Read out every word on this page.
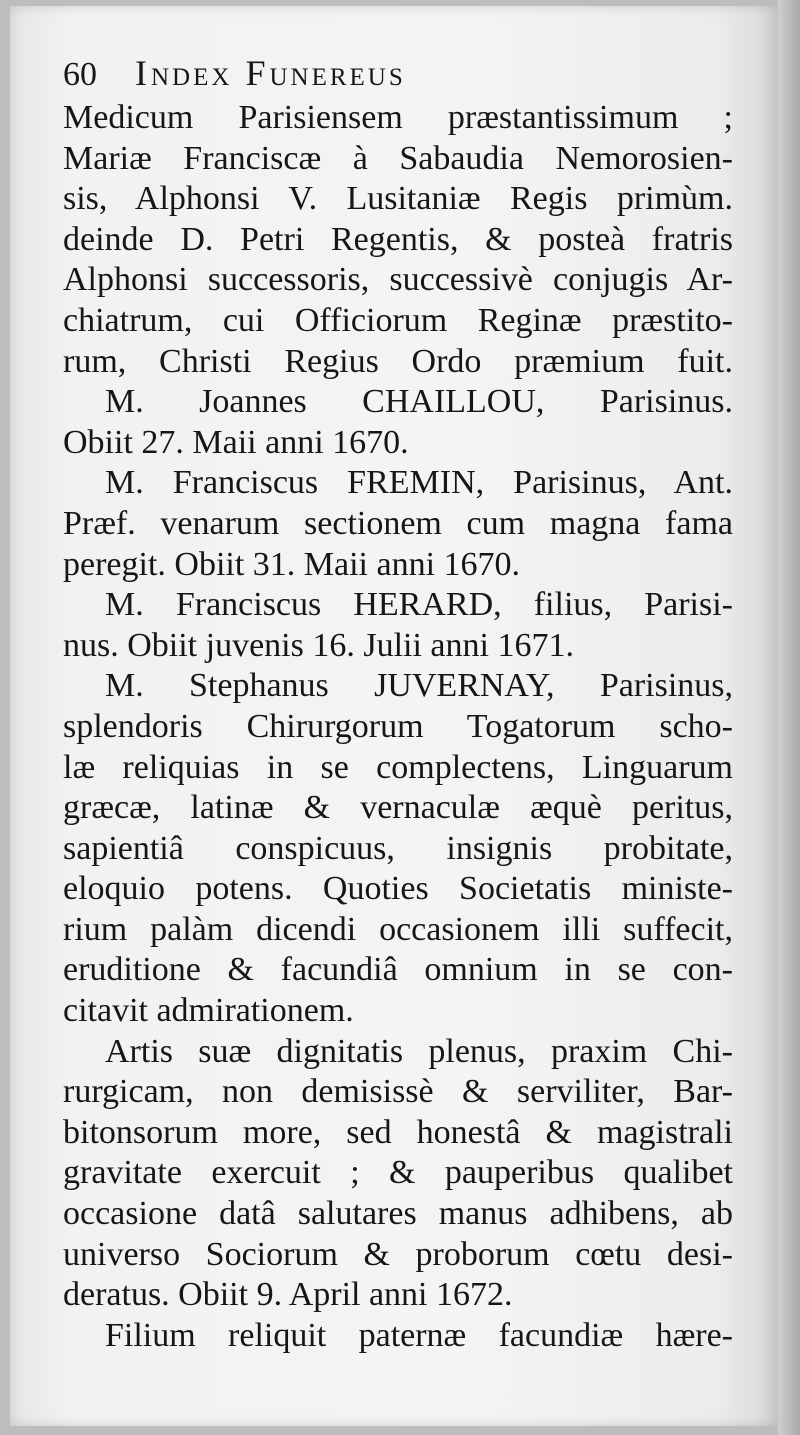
60	INDEX FUNEREUS
Medicum Parisiensem præstantissimum ;
Mariæ Franciscæ à Sabaudia Nemorosien-
sis, Alphonsi V. Lusitaniæ Regis primùm.
deinde D. Petri Regentis, & posteà fratris
Alphonsi successoris, successivè conjugis Ar-
chiatrum, cui Officiorum Reginæ præstito-
rum, Christi Regius Ordo præmium fuit.
M. Joannes CHAILLOU, Parisinus.
Obiit 27. Maii anni 1670.
M. Franciscus FREMIN, Parisinus, Ant.
Præf. venarum sectionem cum magna fama
peregit. Obiit 31. Maii anni 1670.
M. Franciscus HERARD, filius, Parisi-
nus. Obiit juvenis 16. Julii anni 1671.
M. Stephanus JUVERNAY, Parisinus,
splendoris Chirurgorum Togatorum scho-
læ reliquias in se complectens, Linguarum
græcæ, latinæ & vernaculæ æquè peritus,
sapientiâ conspicuus, insignis probitate,
eloquio potens. Quoties Societatis ministe-
rium palàm dicendi occasionem illi suffecit,
eruditione & facundiâ omnium in se con-
citavit admirationem.
Artis suæ dignitatis plenus, praxim Chi-
rurgicam, non demisissè & serviliter, Bar-
bitonsorum more, sed honestâ & magistrali
gravitate exercuit ; & pauperibus qualibet
occasione datâ salutares manus adhibens, ab
universo Sociorum & proborum cœtu desi-
deratus. Obiit 9. April anni 1672.
Filium reliquit paternæ facundiæ hære-
